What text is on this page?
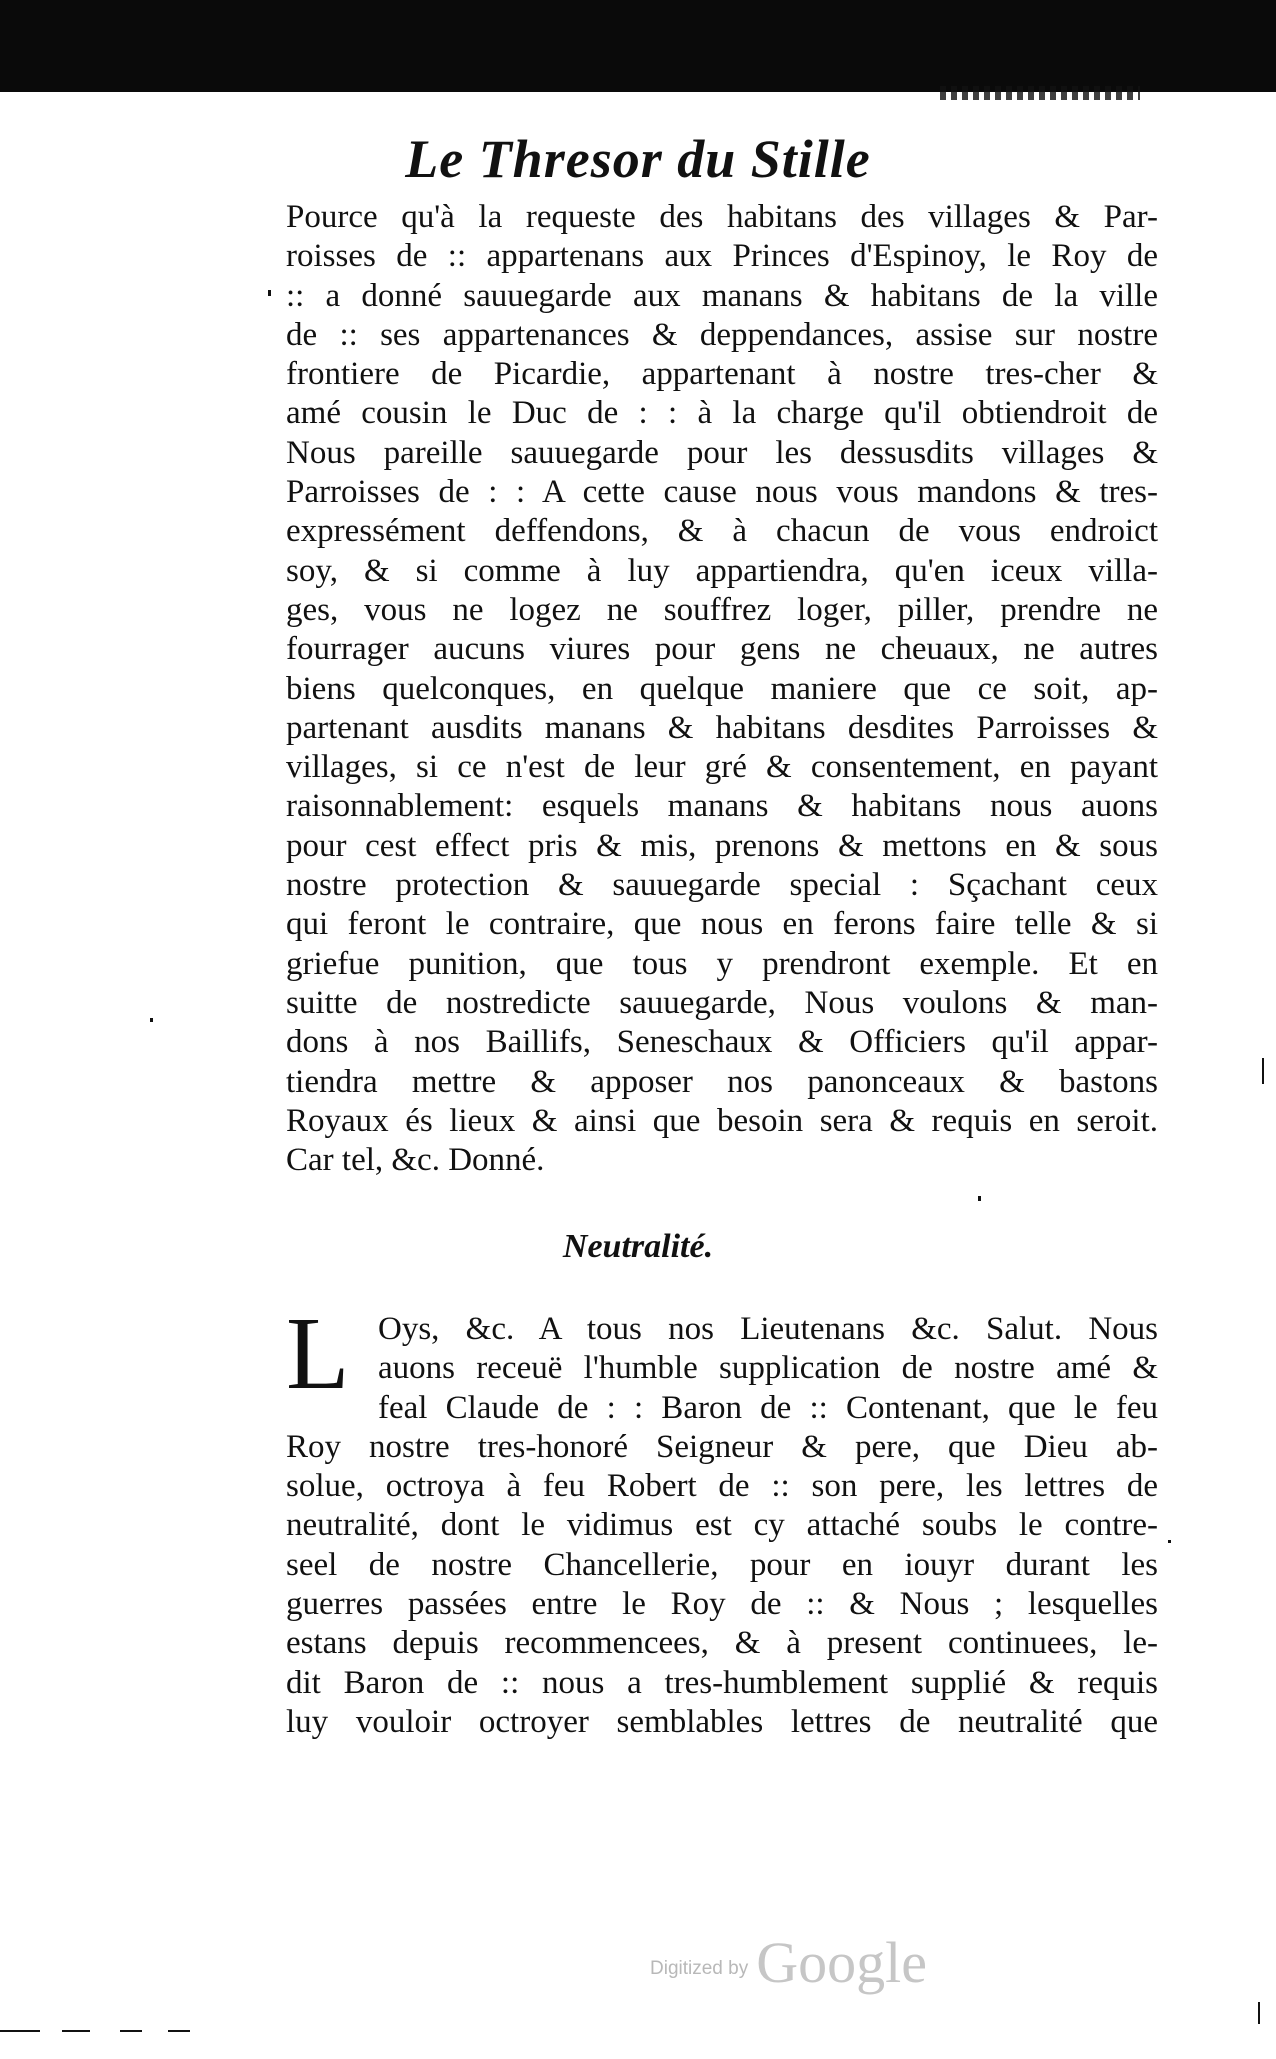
Le Thresor du Stille
Pource qu'à la requeste des habitans des villages & Par-
roisses de :: appartenans aux Princes d'Espinoy, le Roy de
:: a donné sauuegarde aux manans & habitans de la ville
de :: ses appartenances & deppendances, assise sur nostre
frontiere de Picardie, appartenant à nostre tres-cher &
amé cousin le Duc de : : à la charge qu'il obtiendroit de
Nous pareille sauuegarde pour les dessusdits villages &
Parroisses de : : A cette cause nous vous mandons & tres-
expressément deffendons, & à chacun de vous endroict
soy, & si comme à luy appartiendra, qu'en iceux villa-
ges, vous ne logez ne souffrez loger, piller, prendre ne
fourrager aucuns viures pour gens ne cheuaux, ne autres
biens quelconques, en quelque maniere que ce soit, ap-
partenant ausdits manans & habitans desdites Parroisses &
villages, si ce n'est de leur gré & consentement, en payant
raisonnablement: esquels manans & habitans nous auons
pour cest effect pris & mis, prenons & mettons en & sous
nostre protection & sauuegarde special : Sçachant ceux
qui feront le contraire, que nous en ferons faire telle & si
griefue punition, que tous y prendront exemple. Et en
suitte de nostredicte sauuegarde, Nous voulons & man-
dons à nos Baillifs, Seneschaux & Officiers qu'il appar-
tiendra mettre & apposer nos panonceaux & bastons
Royaux és lieux & ainsi que besoin sera & requis en seroit.
Car tel, &c. Donné.
Neutralité.
L Oys, &c. A tous nos Lieutenans &c. Salut. Nous
auons receuë l'humble supplication de nostre amé &
feal Claude de : : Baron de :: Contenant, que le feu
Roy nostre tres-honoré Seigneur & pere, que Dieu ab-
solue, octroya à feu Robert de :: son pere, les lettres de
neutralité, dont le vidimus est cy attaché soubs le contre-
seel de nostre Chancellerie, pour en iouyr durant les
guerres passées entre le Roy de :: & Nous ; lesquelles
estans depuis recommencees, & à present continuees, le-
dit Baron de :: nous a tres-humblement supplié & requis
luy vouloir octroyer semblables lettres de neutralité que
Digitized by Google
